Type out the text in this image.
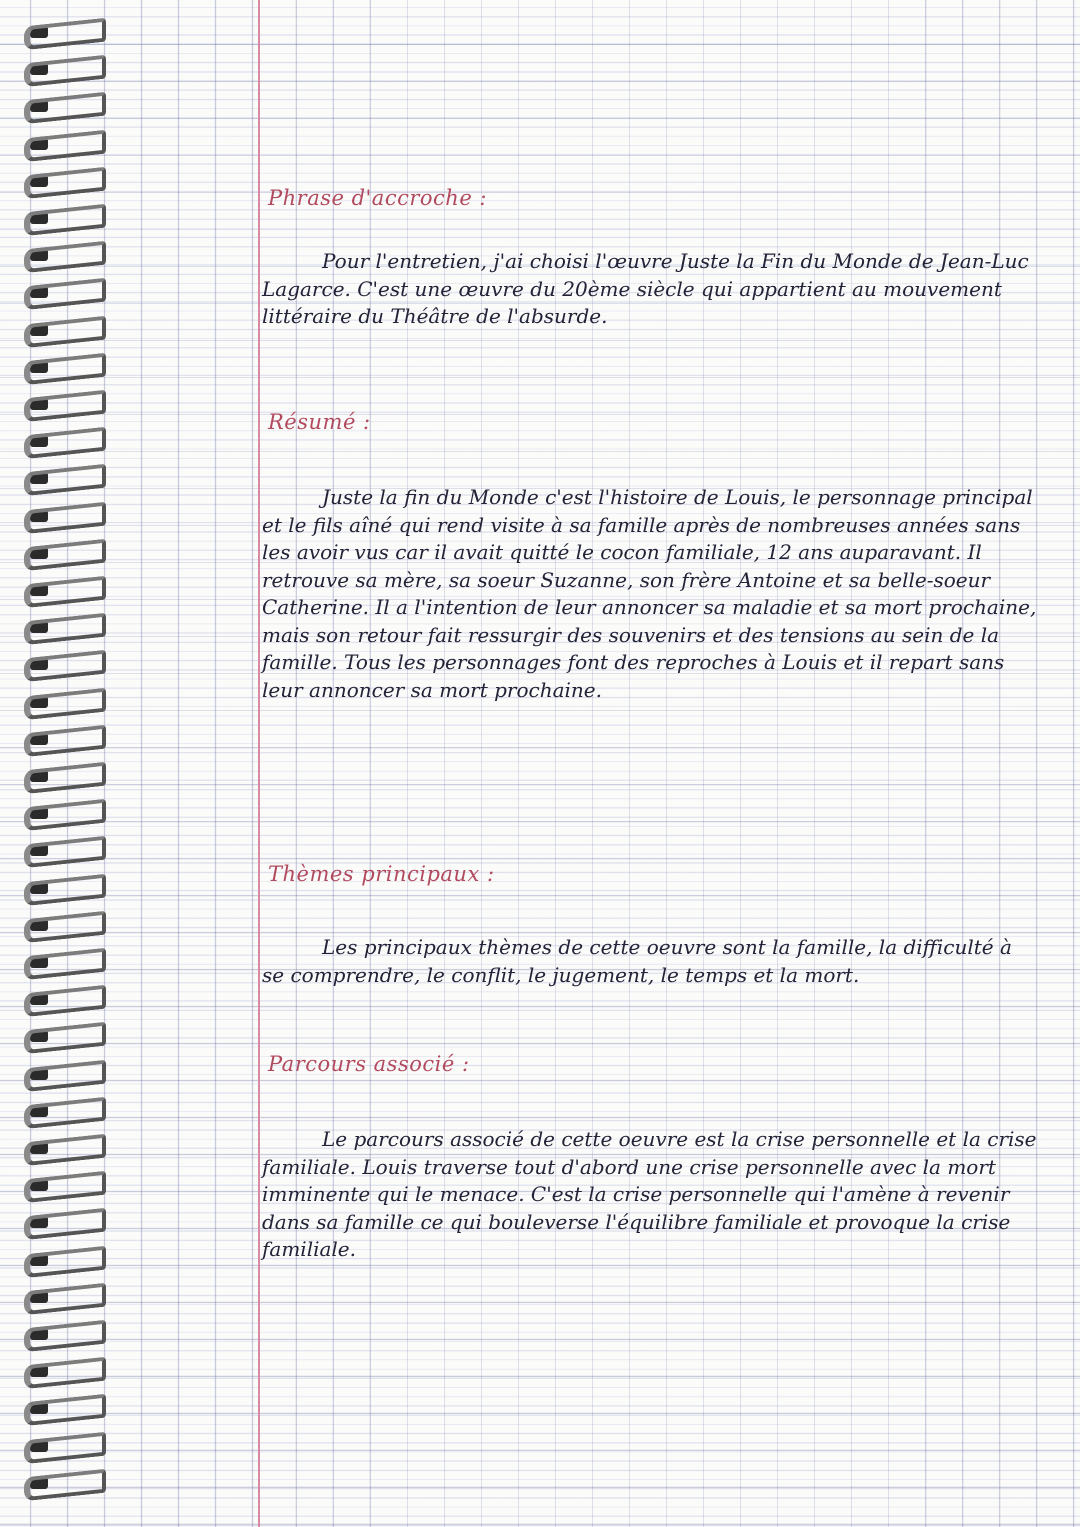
Phrase d'accroche :

Pour l'entretien, j'ai choisi l'œuvre Juste la Fin du Monde de Jean-Luc Lagarce. C'est une œuvre du 20ème siècle qui appartient au mouvement littéraire du Théâtre de l'absurde.

Résumé :

Juste la fin du Monde c'est l'histoire de Louis, le personnage principal et le fils aîné qui rend visite à sa famille après de nombreuses années sans les avoir vus car il avait quitté le cocon familiale, 12 ans auparavant. Il retrouve sa mère, sa soeur Suzanne, son frère Antoine et sa belle-soeur Catherine. Il a l'intention de leur annoncer sa maladie et sa mort prochaine, mais son retour fait ressurgir des souvenirs et des tensions au sein de la famille. Tous les personnages font des reproches à Louis et il repart sans leur annoncer sa mort prochaine.

Thèmes principaux :

Les principaux thèmes de cette oeuvre sont la famille, la difficulté à se comprendre, le conflit, le jugement, le temps et la mort.

Parcours associé :

Le parcours associé de cette oeuvre est la crise personnelle et la crise familiale. Louis traverse tout d'abord une crise personnelle avec la mort imminente qui le menace. C'est la crise personnelle qui l'amène à revenir dans sa famille ce qui bouleverse l'équilibre familiale et provoque la crise familiale.
